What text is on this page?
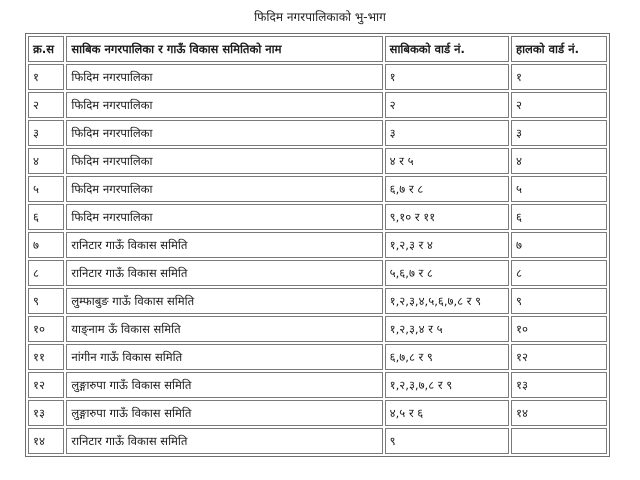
फिदिम नगरपालिकाको भु-भाग
क्र.स	साबिक नगरपालिका र गाऊँ विकास समितिको नाम	साबिकको वार्ड नं.	हालको वार्ड नं.
१	फिदिम नगरपालिका	१	१
२	फिदिम नगरपालिका	२	२
३	फिदिम नगरपालिका	३	३
४	फिदिम नगरपालिका	४ र ५	४
५	फिदिम नगरपालिका	६,७ र ८	५
६	फिदिम नगरपालिका	९,१० र ११	६
७	रानिटार गाऊँ विकास समिति	१,२,३ र ४	७
८	रानिटार गाऊँ विकास समिति	५,६,७ र ८	८
९	लुम्फाबुङ गाऊँ विकास समिति	१,२,३,४,५,६,७,८ र ९	९
१०	याङ्नाम ऊँ विकास समिति	१,२,३,४ र ५	१०
११	नांगीन गाऊँ विकास समिति	६,७,८ र ९	१२
१२	लुङ्गारुपा गाऊँ विकास समिति	१,२,३,७,८ र ९	१३
१३	लुङ्गारुपा गाऊँ विकास समिति	४,५ र ६	१४
१४	रानिटार गाऊँ विकास समिति	९	
